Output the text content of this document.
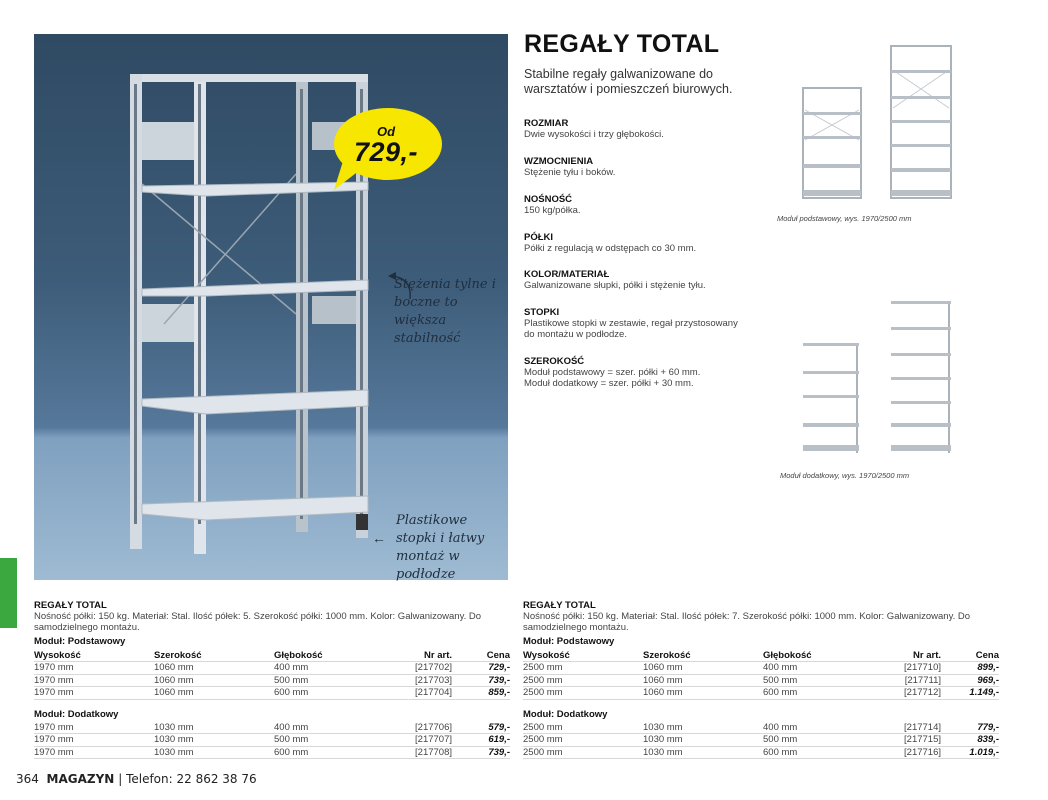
Od
729,-
Stężenia tylne i boczne to większa stabilność
Plastikowe stopki i łatwy montaż w podłodze
←
REGAŁY TOTAL
Stabilne regały galwanizowane do warsztatów i pomieszczeń biurowych.
ROZMIAR
Dwie wysokości i trzy głębokości.
WZMOCNIENIA
Stężenie tyłu i boków.
NOŚNOŚĆ
150 kg/półka.
PÓŁKI
Półki z regulacją w odstępach co 30 mm.
KOLOR/MATERIAŁ
Galwanizowane słupki, półki i stężenie tyłu.
STOPKI
Plastikowe stopki w zestawie, regał przystosowany do montażu w podłodze.
SZEROKOŚĆ
Moduł podstawowy = szer. półki + 60 mm.
Moduł dodatkowy = szer. półki + 30 mm.
Moduł podstawowy, wys. 1970/2500 mm
Moduł dodatkowy, wys. 1970/2500 mm
REGAŁY TOTAL
Nośność półki: 150 kg. Materiał: Stal. Ilość półek: 5. Szerokość półki: 1000 mm. Kolor: Galwanizowany. Do samodzielnego montażu.
Moduł: Podstawowy
Wysokość	Szerokość	Głębokość	Nr art.	Cena
1970 mm	1060 mm	400 mm	[217702]	729,-
1970 mm	1060 mm	500 mm	[217703]	739,-
1970 mm	1060 mm	600 mm	[217704]	859,-
Moduł: Dodatkowy
1970 mm	1030 mm	400 mm	[217706]	579,-
1970 mm	1030 mm	500 mm	[217707]	619,-
1970 mm	1030 mm	600 mm	[217708]	739,-
REGAŁY TOTAL
Nośność półki: 150 kg. Materiał: Stal. Ilość półek: 7. Szerokość półki: 1000 mm. Kolor: Galwanizowany. Do samodzielnego montażu.
Moduł: Podstawowy
Wysokość	Szerokość	Głębokość	Nr art.	Cena
2500 mm	1060 mm	400 mm	[217710]	899,-
2500 mm	1060 mm	500 mm	[217711]	969,-
2500 mm	1060 mm	600 mm	[217712]	1.149,-
Moduł: Dodatkowy
2500 mm	1030 mm	400 mm	[217714]	779,-
2500 mm	1030 mm	500 mm	[217715]	839,-
2500 mm	1030 mm	600 mm	[217716]	1.019,-
364 MAGAZYN | Telefon: 22 862 38 76
